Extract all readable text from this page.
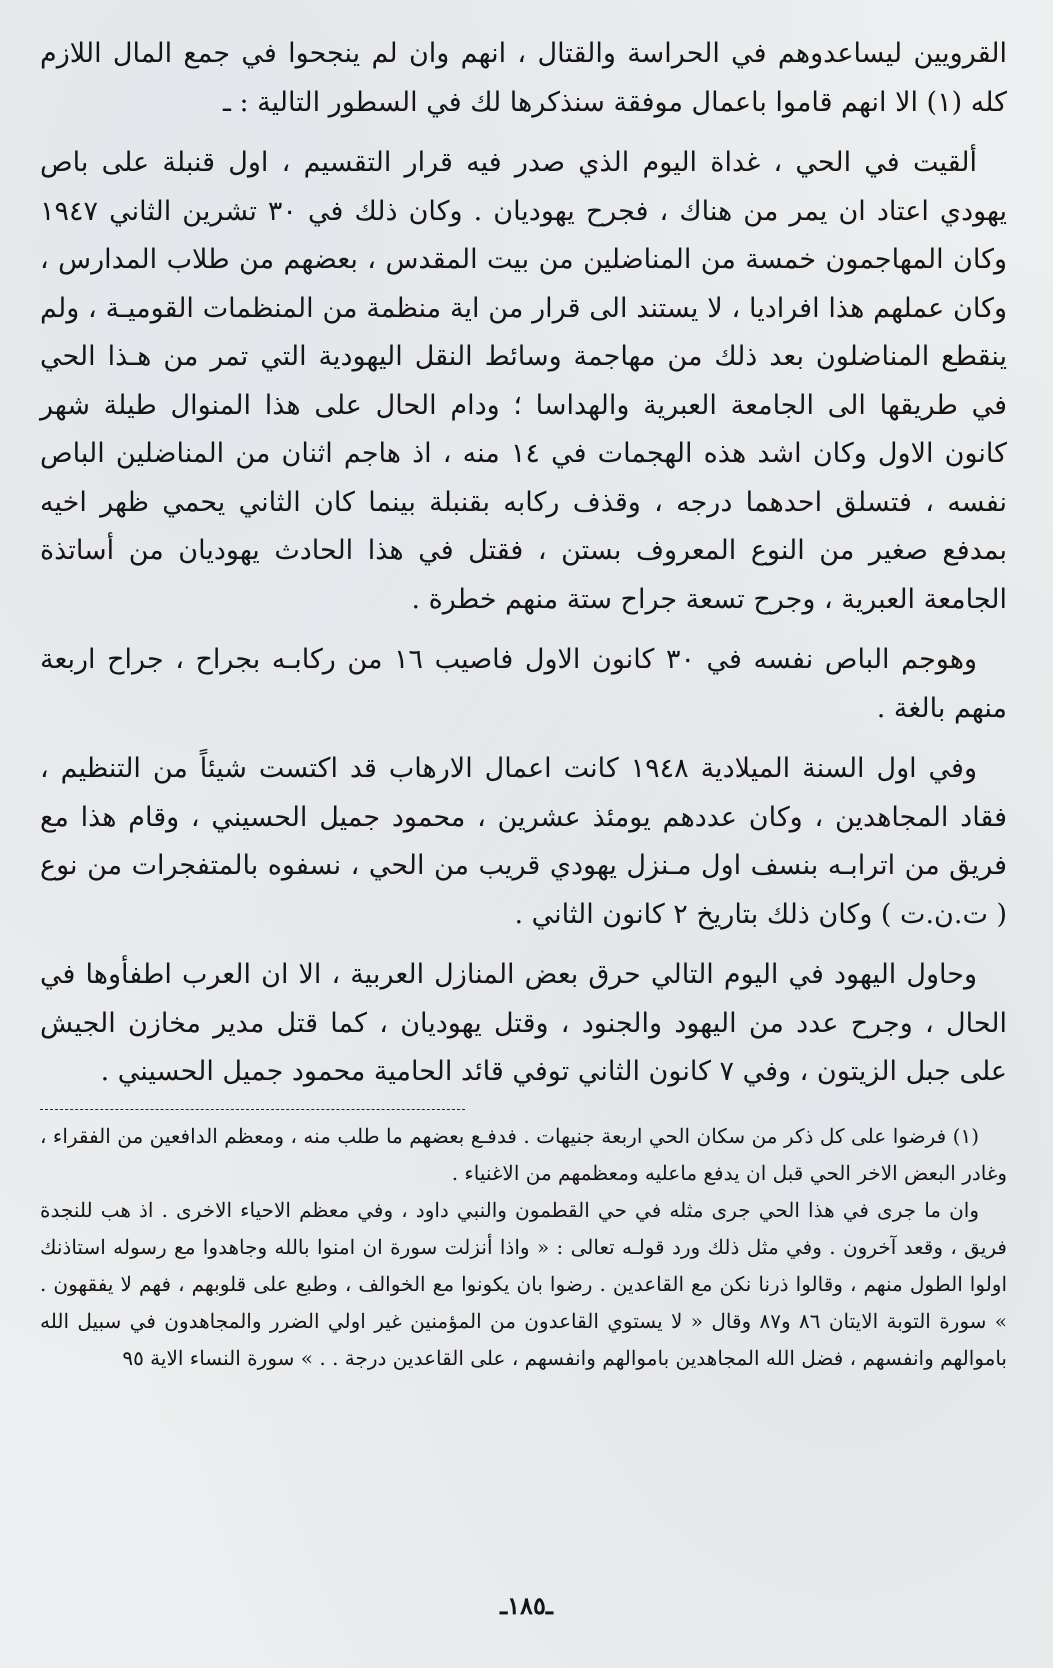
القرويين ليساعدوهم في الحراسة والقتال ، انهم وان لم ينجحوا في جمع المال اللازم كله (١) الا انهم قاموا باعمال موفقة سنذكرها لك في السطور التالية : ـ

ألقيت في الحي ، غداة اليوم الذي صدر فيه قرار التقسيم ، اول قنبلة على باص يهودي اعتاد ان يمر من هناك ، فجرح يهوديان . وكان ذلك في ٣٠ تشرين الثاني ١٩٤٧ وكان المهاجمون خمسة من المناضلين من بيت المقدس ، بعضهم من طلاب المدارس ، وكان عملهم هذا افراديا ، لا يستند الى قرار من اية منظمة من المنظمات القوميـة ، ولم ينقطع المناضلون بعد ذلك من مهاجمة وسائط النقل اليهودية التي تمر من هـذا الحي في طريقها الى الجامعة العبرية والهداسا ؛ ودام الحال على هذا المنوال طيلة شهر كانون الاول وكان اشد هذه الهجمات في ١٤ منه ، اذ هاجم اثنان من المناضلين الباص نفسه ، فتسلق احدهما درجه ، وقذف ركابه بقنبلة بينما كان الثاني يحمي ظهر اخيه بمدفع صغير من النوع المعروف بستن ، فقتل في هذا الحادث يهوديان من أساتذة الجامعة العبرية ، وجرح تسعة جراح ستة منهم خطرة .

وهوجم الباص نفسه في ٣٠ كانون الاول فاصيب ١٦ من ركابـه بجراح ، جراح اربعة منهم بالغة .

وفي اول السنة الميلادية ١٩٤٨ كانت اعمال الارهاب قد اكتست شيئاً من التنظيم ، فقاد المجاهدين ، وكان عددهم يومئذ عشرين ، محمود جميل الحسيني ، وقام هذا مع فريق من اترابـه بنسف اول مـنزل يهودي قريب من الحي ، نسفوه بالمتفجرات من نوع ( ت.ن.ت ) وكان ذلك بتاريخ ٢ كانون الثاني .

وحاول اليهود في اليوم التالي حرق بعض المنازل العربية ، الا ان العرب اطفأوها في الحال ، وجرح عدد من اليهود والجنود ، وقتل يهوديان ، كما قتل مدير مخازن الجيش على جبل الزيتون ، وفي ٧ كانون الثاني توفي قائد الحامية محمود جميل الحسيني .

(١) فرضوا على كل ذكر من سكان الحي اربعة جنيهات . فدفـع بعضهم ما طلب منه ، ومعظم الدافعين من الفقراء ، وغادر البعض الاخر الحي قبل ان يدفع ماعليه ومعظمهم من الاغنياء .

وان ما جرى في هذا الحي جرى مثله في حي القطمون والنبي داود ، وفي معظم الاحياء الاخرى . اذ هب للنجدة فريق ، وقعد آخرون . وفي مثل ذلك ورد قولـه تعالى : « واذا أنزلت سورة ان امنوا بالله وجاهدوا مع رسوله استاذنك اولوا الطول منهم ، وقالوا ذرنا نكن مع القاعدين . رضوا بان يكونوا مع الخوالف ، وطبع على قلوبهم ، فهم لا يفقهون . » سورة التوبة الايتان ٨٦ و٨٧ وقال « لا يستوي القاعدون من المؤمنين غير اولي الضرر والمجاهدون في سبيل الله باموالهم وانفسهم ، فضل الله المجاهدين باموالهم وانفسهم ، على القاعدين درجة . . » سورة النساء الاية ٩٥

ـ١٨٥ـ
